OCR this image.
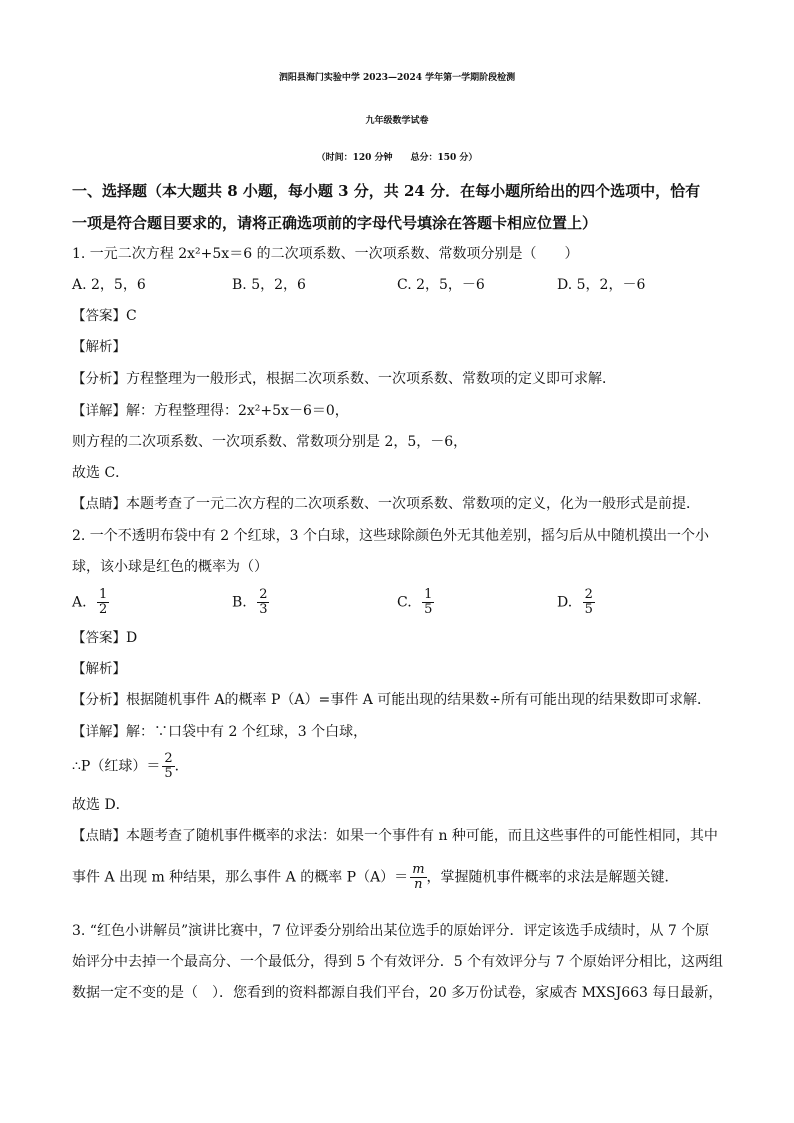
泗阳县海门实验中学 2023—2024 学年第一学期阶段检测
九年级数学试卷
（时间：120 分钟　　总分：150 分）
一、选择题（本大题共 8 小题，每小题 3 分，共 24 分．在每小题所给出的四个选项中，恰有
一项是符合题目要求的，请将正确选项前的字母代号填涂在答题卡相应位置上）
1. 一元二次方程 2x²+5x＝6 的二次项系数、一次项系数、常数项分别是（　　）
A. 2，5，6	B. 5，2，6	C. 2，5，－6	D. 5，2，－6
【答案】C
【解析】
【分析】方程整理为一般形式，根据二次项系数、一次项系数、常数项的定义即可求解．
【详解】解：方程整理得：2x²+5x－6＝0，
则方程的二次项系数、一次项系数、常数项分别是 2，5，－6，
故选 C．
【点睛】本题考查了一元二次方程的二次项系数、一次项系数、常数项的定义，化为一般形式是前提．
2. 一个不透明布袋中有 2 个红球，3 个白球，这些球除颜色外无其他差别，摇匀后从中随机摸出一个小
球，该小球是红色的概率为（）
A. $\frac{1}{2}$	B. $\frac{2}{3}$	C. $\frac{1}{5}$	D. $\frac{2}{5}$
【答案】D
【解析】
【分析】根据随机事件 A的概率 P（A）=事件 A 可能出现的结果数÷所有可能出现的结果数即可求解．
【详解】解：∵口袋中有 2 个红球，3 个白球，
∴P（红球）＝ $\frac{2}{5}$ ．
故选 D．
【点睛】本题考查了随机事件概率的求法：如果一个事件有 n 种可能，而且这些事件的可能性相同，其中
事件 A 出现 m 种结果，那么事件 A 的概率 $P(A)= \frac{m}{n}$ ，掌握随机事件概率的求法是解题关键．
3. “红色小讲解员”演讲比赛中，7 位评委分别给出某位选手的原始评分．评定该选手成绩时，从 7 个原
始评分中去掉一个最高分、一个最低分，得到 5 个有效评分．5 个有效评分与 7 个原始评分相比，这两组
数据一定不变的是（　）．您看到的资料都源自我们平台，20 多万份试卷，家威杏 MXSJ663 每日最新，
